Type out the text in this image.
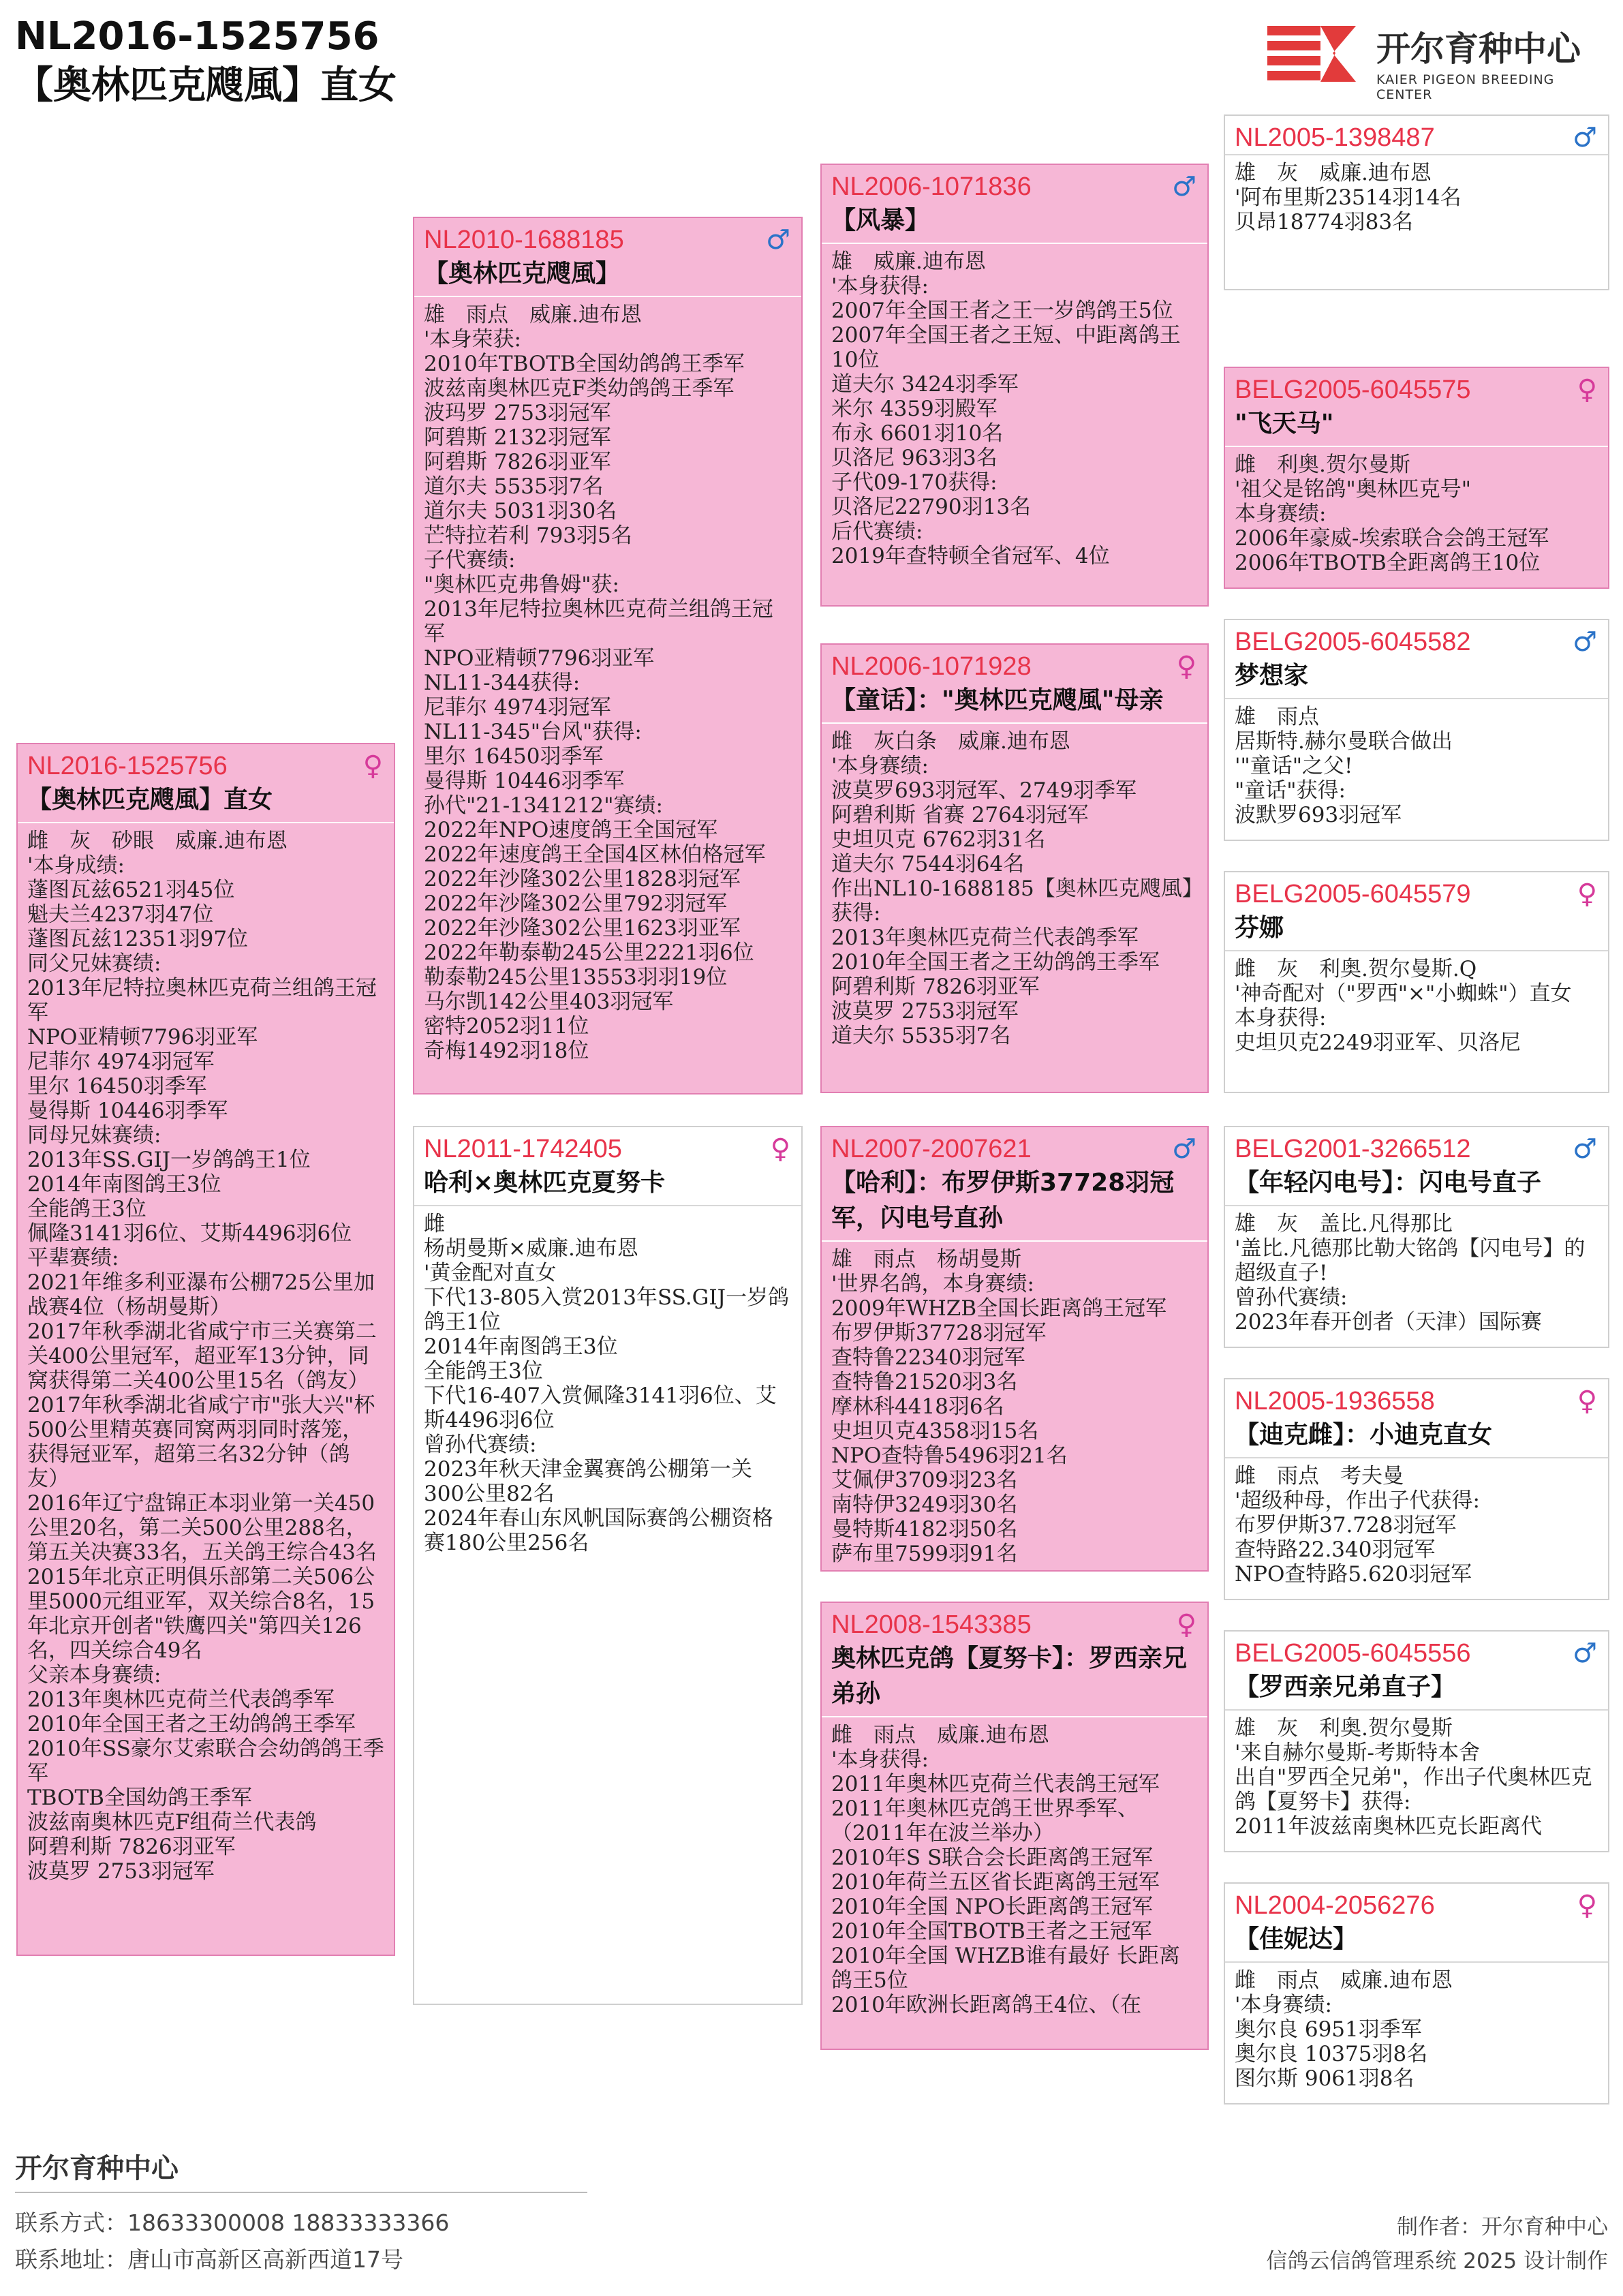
NL2016-1525756
【奥林匹克飕風】直女
开尔育种中心
KAIER PIGEON BREEDING CENTER
NL2016-1525756	♀
【奥林匹克飕風】直女
雌　灰　砂眼　威廉.迪布恩
'本身成绩:
蓬图瓦兹6521羽45位
魁夫兰4237羽47位
蓬图瓦兹12351羽97位
同父兄妹赛绩:
2013年尼特拉奥林匹克荷兰组鸽王冠军
NPO亚精顿7796羽亚军
尼菲尔 4974羽冠军
里尔 16450羽季军
曼得斯 10446羽季军
同母兄妹赛绩:
2013年SS.GIJ一岁鸽鸽王1位
2014年南图鸽王3位
全能鸽王3位
佩隆3141羽6位、艾斯4496羽6位
平辈赛绩:
2021年维多利亚瀑布公棚725公里加战赛4位（杨胡曼斯）
2017年秋季湖北省咸宁市三关赛第二关400公里冠军，超亚军13分钟，同窝获得第二关400公里15名（鸽友）
2017年秋季湖北省咸宁市"张大兴"杯500公里精英赛同窝两羽同时落笼，获得冠亚军，超第三名32分钟（鸽友）
2016年辽宁盘锦正本羽业第一关450公里20名，第二关500公里288名，第五关决赛33名，五关鸽王综合43名
2015年北京正明俱乐部第二关506公里5000元组亚军，双关综合8名，15年北京开创者"铁鹰四关"第四关126名，四关综合49名
父亲本身赛绩:
2013年奥林匹克荷兰代表鸽季军
2010年全国王者之王幼鸽鸽王季军
2010年SS豪尔艾索联合会幼鸽鸽王季军
TBOTB全国幼鸽王季军
波兹南奥林匹克F组荷兰代表鸽
阿碧利斯 7826羽亚军
波莫罗 2753羽冠军
NL2010-1688185	♂
【奥林匹克飕風】
雄　雨点　威廉.迪布恩
'本身荣获:
2010年TBOTB全国幼鸽鸽王季军
波兹南奥林匹克F类幼鸽鸽王季军
波玛罗 2753羽冠军
阿碧斯 2132羽冠军
阿碧斯 7826羽亚军
道尔夫 5535羽7名
道尔夫 5031羽30名
芒特拉若利 793羽5名
子代赛绩:
"奥林匹克弗鲁姆"获:
2013年尼特拉奥林匹克荷兰组鸽王冠军
NPO亚精顿7796羽亚军
NL11-344获得:
尼菲尔 4974羽冠军
NL11-345"台风"获得:
里尔 16450羽季军
曼得斯 10446羽季军
孙代"21-1341212"赛绩:
2022年NPO速度鸽王全国冠军
2022年速度鸽王全国4区林伯格冠军
2022年沙隆302公里1828羽冠军
2022年沙隆302公里792羽冠军
2022年沙隆302公里1623羽亚军
2022年勒泰勒245公里2221羽6位
勒泰勒245公里13553羽羽19位
马尔凯142公里403羽冠军
密特2052羽11位
奇梅1492羽18位
NL2011-1742405	♀
哈利×奥林匹克夏努卡
雌
杨胡曼斯×威廉.迪布恩
'黄金配对直女
下代13-805入赏2013年SS.GIJ一岁鸽鸽王1位
2014年南图鸽王3位
全能鸽王3位
下代16-407入赏佩隆3141羽6位、艾斯4496羽6位
曾孙代赛绩:
2023年秋天津金翼赛鸽公棚第一关300公里82名
2024年春山东风帆国际赛鸽公棚资格赛180公里256名
NL2006-1071836	♂
【风暴】
雄　威廉.迪布恩
'本身获得:
2007年全国王者之王一岁鸽鸽王5位
2007年全国王者之王短、中距离鸽王10位
道夫尔 3424羽季军
米尔 4359羽殿军
布永 6601羽10名
贝洛尼 963羽3名
子代09-170获得:
贝洛尼22790羽13名
后代赛绩:
2019年查特顿全省冠军、4位
NL2006-1071928	♀
【童话】："奥林匹克飕風"母亲
雌　灰白条　威廉.迪布恩
'本身赛绩:
波莫罗693羽冠军、2749羽季军
阿碧利斯 省赛 2764羽冠军
史坦贝克 6762羽31名
道夫尔 7544羽64名
作出NL10-1688185【奥林匹克飕風】获得:
2013年奥林匹克荷兰代表鸽季军
2010年全国王者之王幼鸽鸽王季军
阿碧利斯 7826羽亚军
波莫罗 2753羽冠军
道夫尔 5535羽7名
NL2007-2007621	♂
【哈利】：布罗伊斯37728羽冠军，闪电号直孙
雄　雨点　杨胡曼斯
'世界名鸽，本身赛绩:
2009年WHZB全国长距离鸽王冠军
布罗伊斯37728羽冠军
查特鲁22340羽冠军
查特鲁21520羽3名
摩林科4418羽6名
史坦贝克4358羽15名
NPO查特鲁5496羽21名
艾佩伊3709羽23名
南特伊3249羽30名
曼特斯4182羽50名
萨布里7599羽91名
NL2008-1543385	♀
奥林匹克鸽【夏努卡】：罗西亲兄弟孙
雌　雨点　威廉.迪布恩
'本身获得:
2011年奥林匹克荷兰代表鸽王冠军
2011年奥林匹克鸽王世界季军、（2011年在波兰举办）
2010年S S联合会长距离鸽王冠军
2010年荷兰五区省长距离鸽王冠军
2010年全国 NPO长距离鸽王冠军
2010年全国TBOTB王者之王冠军
2010年全国 WHZB谁有最好 长距离鸽王5位
2010年欧洲长距离鸽王4位、（在
NL2005-1398487	♂
雄　灰　威廉.迪布恩
'阿布里斯23514羽14名
贝昂18774羽83名
BELG2005-6045575	♀
"飞天马"
雌　利奥.贺尔曼斯
'祖父是铭鸽"奥林匹克号"
本身赛绩:
2006年豪威-埃索联合会鸽王冠军
2006年TBOTB全距离鸽王10位
BELG2005-6045582	♂
梦想家
雄　雨点
居斯特.赫尔曼联合做出
'"童话"之父!
"童话"获得:
波默罗693羽冠军
BELG2005-6045579	♀
芬娜
雌　灰　利奥.贺尔曼斯.Q
'神奇配对（"罗西"×"小蜘蛛"）直女
本身获得:
史坦贝克2249羽亚军、贝洛尼
BELG2001-3266512	♂
【年轻闪电号】：闪电号直子
雄　灰　盖比.凡得那比
'盖比.凡德那比勒大铭鸽【闪电号】的超级直子!
曾孙代赛绩:
2023年春开创者（天津）国际赛
NL2005-1936558	♀
【迪克雌】：小迪克直女
雌　雨点　考夫曼
'超级种母，作出子代获得:
布罗伊斯37.728羽冠军
查特路22.340羽冠军
NPO查特路5.620羽冠军
BELG2005-6045556	♂
【罗西亲兄弟直子】
雄　灰　利奥.贺尔曼斯
'来自赫尔曼斯-考斯特本舍
出自"罗西全兄弟"，作出子代奥林匹克鸽【夏努卡】获得:
2011年波兹南奥林匹克长距离代
NL2004-2056276	♀
【佳妮达】
雌　雨点　威廉.迪布恩
'本身赛绩:
奥尔良 6951羽季军
奥尔良 10375羽8名
图尔斯 9061羽8名
开尔育种中心
联系方式：18633300008 18833333366
联系地址：唐山市高新区高新西道17号
制作者：开尔育种中心
信鸽云信鸽管理系统 2025 设计制作
